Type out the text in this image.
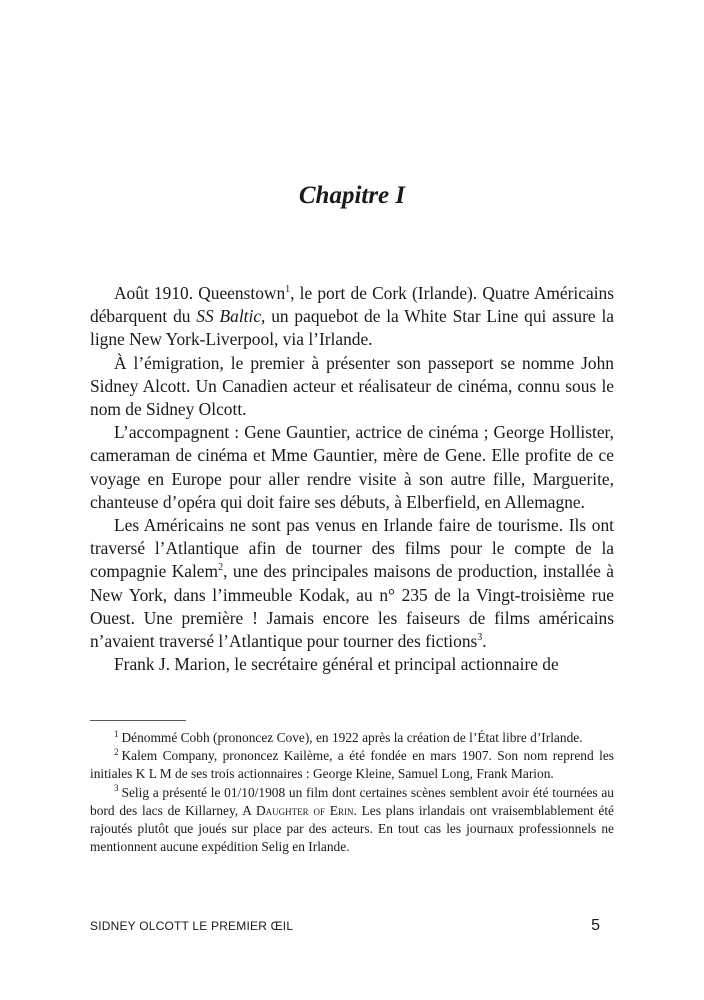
Chapitre I

Août 1910. Queenstown$^1$, le port de Cork (Irlande). Quatre Américains débarquent du SS Baltic, un paquebot de la White Star Line qui assure la ligne New York-Liverpool, via l’Irlande.

À l’émigration, le premier à présenter son passeport se nomme John Sidney Alcott. Un Canadien acteur et réalisateur de cinéma, connu sous le nom de Sidney Olcott.

L’accompagnent : Gene Gauntier, actrice de cinéma ; George Hollister, cameraman de cinéma et Mme Gauntier, mère de Gene. Elle profite de ce voyage en Europe pour aller rendre visite à son autre fille, Marguerite, chanteuse d’opéra qui doit faire ses débuts, à Elberfield, en Allemagne.

Les Américains ne sont pas venus en Irlande faire de tourisme. Ils ont traversé l’Atlantique afin de tourner des films pour le compte de la compagnie Kalem$^2$, une des principales maisons de production, installée à New York, dans l’immeuble Kodak, au n° 235 de la Vingt-troisième rue Ouest. Une première ! Jamais encore les faiseurs de films américains n’avaient traversé l’Atlantique pour tourner des fictions$^3$.

Frank J. Marion, le secrétaire général et principal actionnaire de

$^1$ Dénommé Cobh (prononcez Cove), en 1922 après la création de l’État libre d’Irlande.

$^2$ Kalem Company, prononcez Kailème, a été fondée en mars 1907. Son nom reprend les initiales K L M de ses trois actionnaires : George Kleine, Samuel Long, Frank Marion.

$^3$ Selig a présenté le 01/10/1908 un film dont certaines scènes semblent avoir été tournées au bord des lacs de Killarney, A Daughter of Erin. Les plans irlandais ont vraisemblablement été rajoutés plutôt que joués sur place par des acteurs. En tout cas les journaux professionnels ne mentionnent aucune expédition Selig en Irlande.

SIDNEY OLCOTT LE PREMIER ŒIL	5
